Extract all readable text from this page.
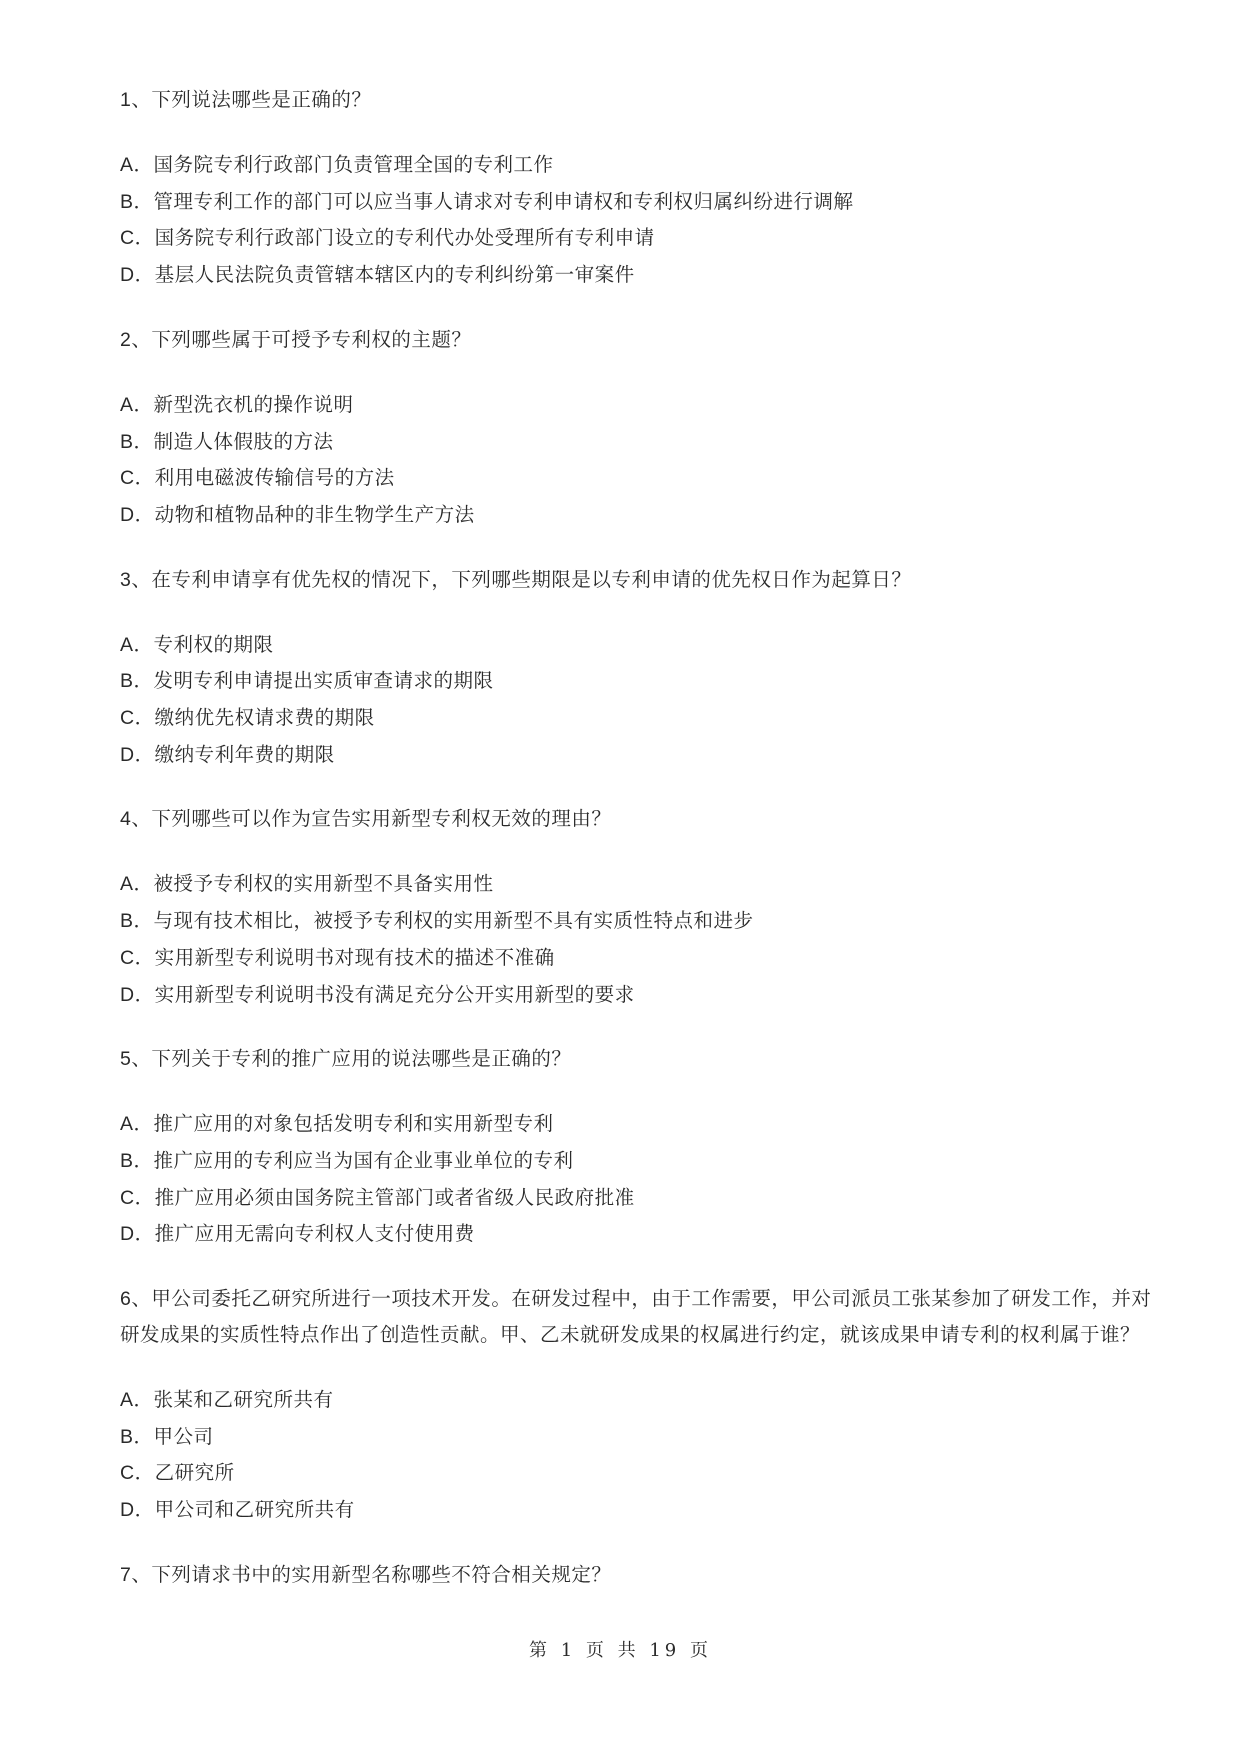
1、下列说法哪些是正确的？

A．国务院专利行政部门负责管理全国的专利工作
B．管理专利工作的部门可以应当事人请求对专利申请权和专利权归属纠纷进行调解
C．国务院专利行政部门设立的专利代办处受理所有专利申请
D．基层人民法院负责管辖本辖区内的专利纠纷第一审案件

2、下列哪些属于可授予专利权的主题？

A．新型洗衣机的操作说明
B．制造人体假肢的方法
C．利用电磁波传输信号的方法
D．动物和植物品种的非生物学生产方法

3、在专利申请享有优先权的情况下，下列哪些期限是以专利申请的优先权日作为起算日？

A．专利权的期限
B．发明专利申请提出实质审查请求的期限
C．缴纳优先权请求费的期限
D．缴纳专利年费的期限

4、下列哪些可以作为宣告实用新型专利权无效的理由？

A．被授予专利权的实用新型不具备实用性
B．与现有技术相比，被授予专利权的实用新型不具有实质性特点和进步
C．实用新型专利说明书对现有技术的描述不准确
D．实用新型专利说明书没有满足充分公开实用新型的要求

5、下列关于专利的推广应用的说法哪些是正确的？

A．推广应用的对象包括发明专利和实用新型专利
B．推广应用的专利应当为国有企业事业单位的专利
C．推广应用必须由国务院主管部门或者省级人民政府批准
D．推广应用无需向专利权人支付使用费

6、甲公司委托乙研究所进行一项技术开发。在研发过程中，由于工作需要，甲公司派员工张某参加了研发工作，并对研发成果的实质性特点作出了创造性贡献。甲、乙未就研发成果的权属进行约定，就该成果申请专利的权利属于谁？

A．张某和乙研究所共有
B．甲公司
C．乙研究所
D．甲公司和乙研究所共有

7、下列请求书中的实用新型名称哪些不符合相关规定？

第 1 页 共 19 页
